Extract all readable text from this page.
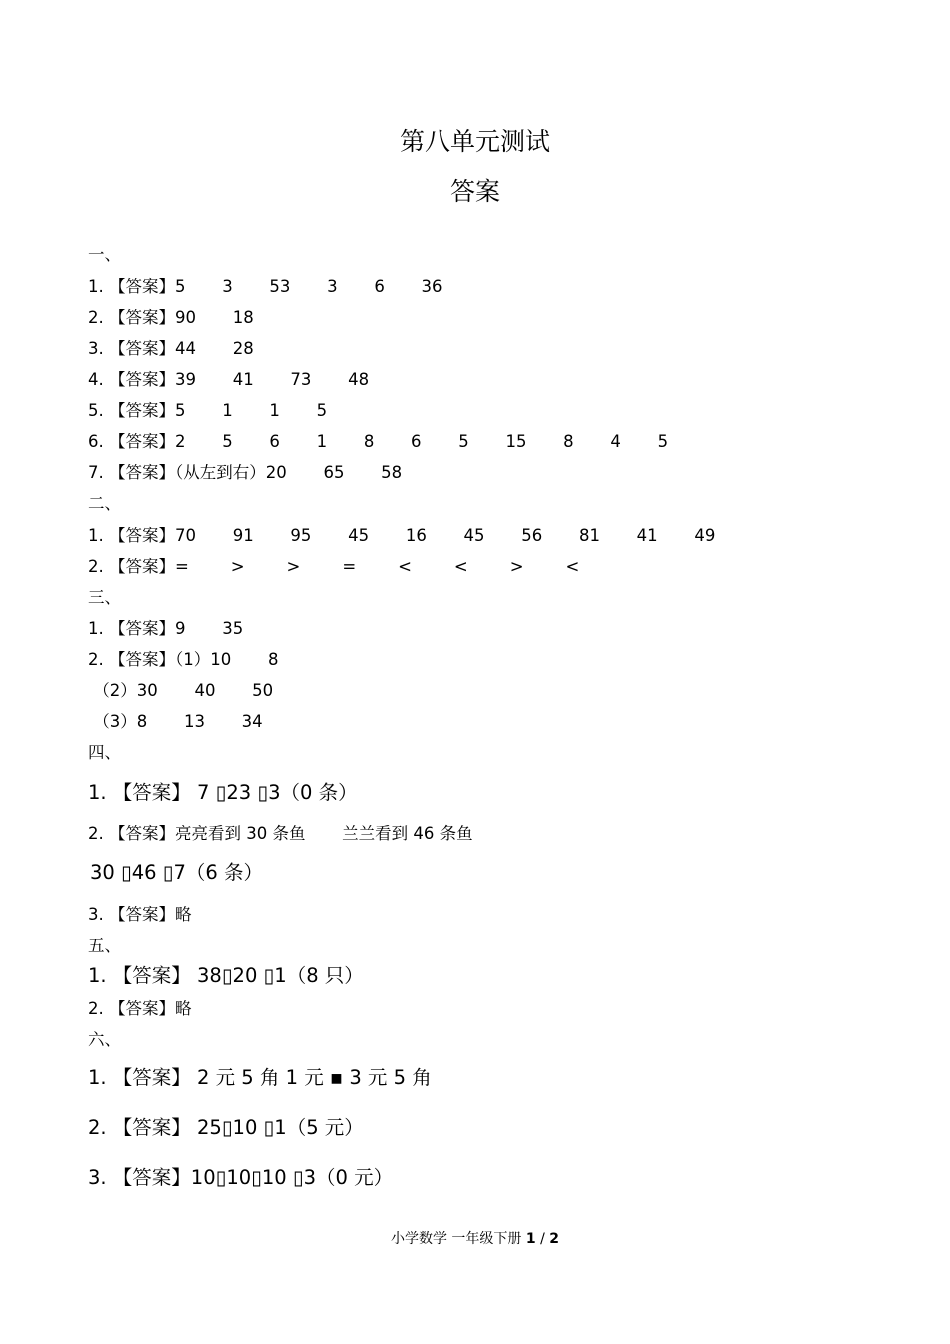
第八单元测试
答案
一、
1. 【答案】5       3       53       3       6       36
2. 【答案】90       18
3. 【答案】44       28
4. 【答案】39       41       73       48
5. 【答案】5       1       1       5
6. 【答案】2       5       6       1       8       6       5       15       8       4       5
7. 【答案】（从左到右）20       65       58
二、
1. 【答案】70       91       95       45       16       45       56       81       41       49
2. 【答案】=        >        >        =        <        <        >        <
三、
1. 【答案】9       35
2. 【答案】（1）10       8
（2）30       40       50
（3）8       13       34
四、
1. 【答案】 7 ▯23 ▯3（0 条）
2. 【答案】亮亮看到 30 条鱼       兰兰看到 46 条鱼
30 ▯46 ▯7（6 条）
3. 【答案】略
五、
1. 【答案】 38▯20 ▯1（8 只）
2. 【答案】略
六、
1. 【答案】 2 元 5 角 1 元 ▪ 3 元 5 角
2. 【答案】 25▯10 ▯1（5 元）
3. 【答案】10▯10▯10 ▯3（0 元）
小学数学 一年级下册 1 / 2
